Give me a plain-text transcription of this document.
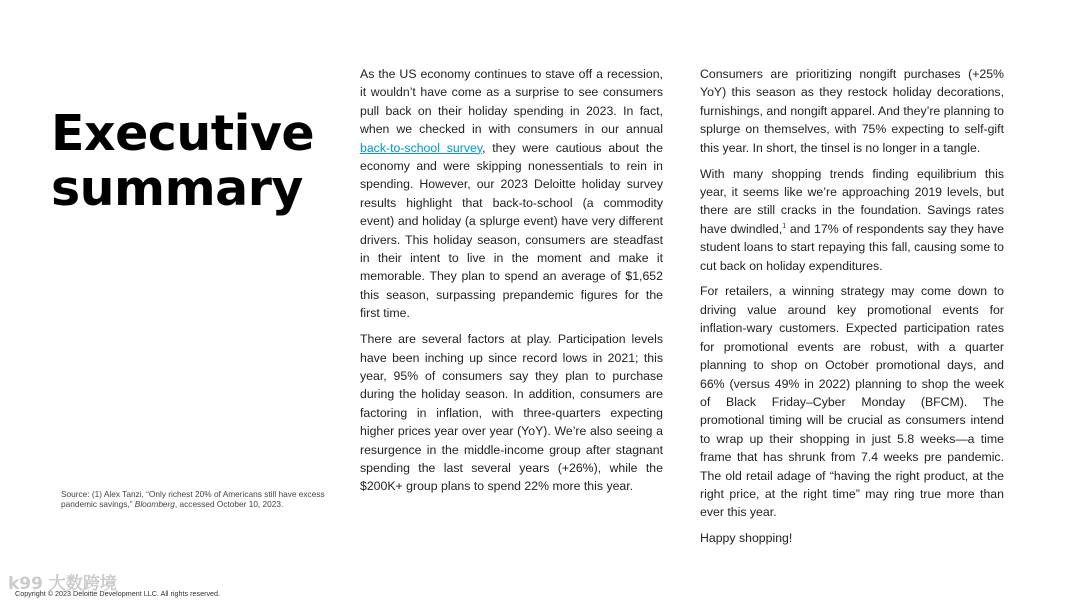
Executive
summary

As the US economy continues to stave off a recession, it wouldn’t have come as a surprise to see consumers pull back on their holiday spending in 2023. In fact, when we checked in with consumers in our annual back-to-school survey, they were cautious about the economy and were skipping nonessentials to rein in spending. However, our 2023 Deloitte holiday survey results highlight that back-to-school (a commodity event) and holiday (a splurge event) have very different drivers. This holiday season, consumers are steadfast in their intent to live in the moment and make it memorable. They plan to spend an average of $1,652 this season, surpassing prepandemic figures for the first time.

There are several factors at play. Participation levels have been inching up since record lows in 2021; this year, 95% of consumers say they plan to purchase during the holiday season. In addition, consumers are factoring in inflation, with three-quarters expecting higher prices year over year (YoY). We’re also seeing a resurgence in the middle-income group after stagnant spending the last several years (+26%), while the $200K+ group plans to spend 22% more this year.

Consumers are prioritizing nongift purchases (+25% YoY) this season as they restock holiday decorations, furnishings, and nongift apparel. And they’re planning to splurge on themselves, with 75% expecting to self-gift this year. In short, the tinsel is no longer in a tangle.

With many shopping trends finding equilibrium this year, it seems like we’re approaching 2019 levels, but there are still cracks in the foundation. Savings rates have dwindled,$^1$ and 17% of respondents say they have student loans to start repaying this fall, causing some to cut back on holiday expenditures.

For retailers, a winning strategy may come down to driving value around key promotional events for inflation-wary customers. Expected participation rates for promotional events are robust, with a quarter planning to shop on October promotional days, and 66% (versus 49% in 2022) planning to shop the week of Black Friday–Cyber Monday (BFCM). The promotional timing will be crucial as consumers intend to wrap up their shopping in just 5.8 weeks—a time frame that has shrunk from 7.4 weeks pre pandemic. The old retail adage of “having the right product, at the right price, at the right time” may ring true more than ever this year.

Happy shopping!

Source: (1) Alex Tanzi, “Only richest 20% of Americans still have excess pandemic savings,” Bloomberg, accessed October 10, 2023.
Copyright © 2023 Deloitte Development LLC. All rights reserved.
k99 大数跨境
